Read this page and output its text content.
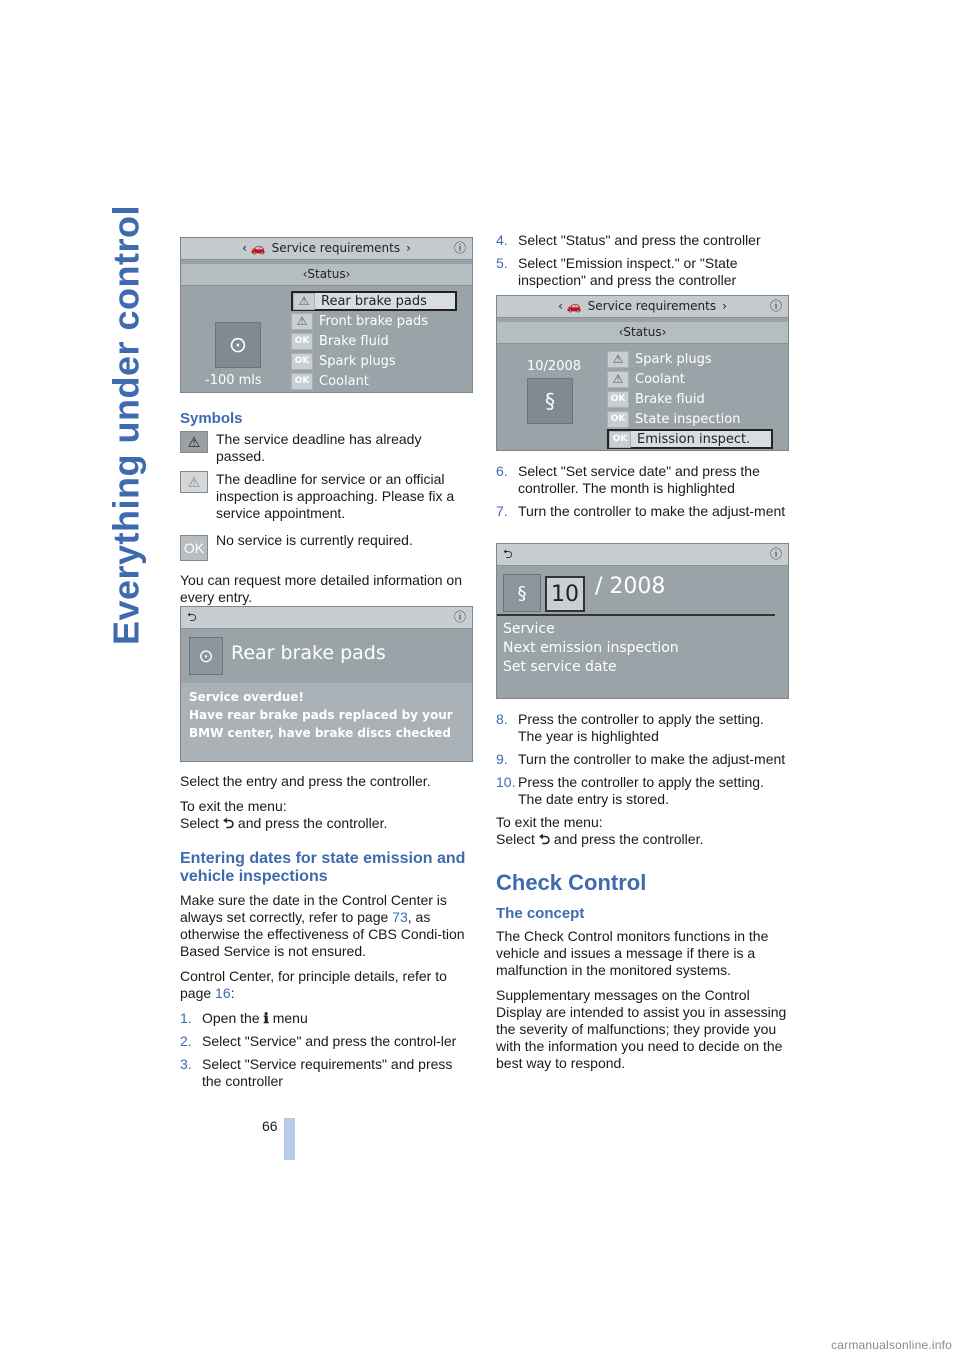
Everything under control	‹ 🚗 Service requirements ›	ⓘ
‹ Status ›
⊙
-100 mls
⚠ Rear brake pads
⚠ Front brake pads
OK Brake fluid
OK Spark plugs
OK Coolant
Symbols
⚠	The service deadline has already passed.
⚠	The deadline for service or an official inspection is approaching. Please fix a service appointment.
OK No service is currently required.

You can request more detailed information on every entry.

⮌	ⓘ
⊙ Rear brake pads
Service overdue!
Have rear brake pads replaced by your
BMW center, have brake discs checked

Select the entry and press the controller.

To exit the menu:
Select ⮌ and press the controller.

Entering dates for state emission and vehicle inspections

Make sure the date in the Control Center is always set correctly, refer to page 73, as otherwise the effectiveness of CBS Condi-tion Based Service is not ensured.

Control Center, for principle details, refer to page 16:

1. Open the ℹ menu
2. Select "Service" and press the control-ler
3. Select "Service requirements" and press the controller
4. Select "Status" and press the controller
5. Select "Emission inspect." or "State inspection" and press the controller
‹ 🚗 Service requirements ›	ⓘ
‹ Status ›
10/2008
§
⚠ Spark plugs
⚠ Coolant
OK Brake fluid
OK State inspection
OK Emission inspect.
6. Select "Set service date" and press the controller. The month is highlighted
7. Turn the controller to make the adjust-ment
⮌	ⓘ
§	10 / 2008
Service
Next emission inspection
Set service date
8. Press the controller to apply the setting. The year is highlighted
9. Turn the controller to make the adjust-ment
10. Press the controller to apply the setting. The date entry is stored.

To exit the menu:
Select ⮌ and press the controller.

Check Control
The concept

The Check Control monitors functions in the vehicle and issues a message if there is a malfunction in the monitored systems.

Supplementary messages on the Control Display are intended to assist you in assessing the severity of malfunctions; they provide you with the information you need to decide on the best way to respond.

66
carmanualsonline.info
